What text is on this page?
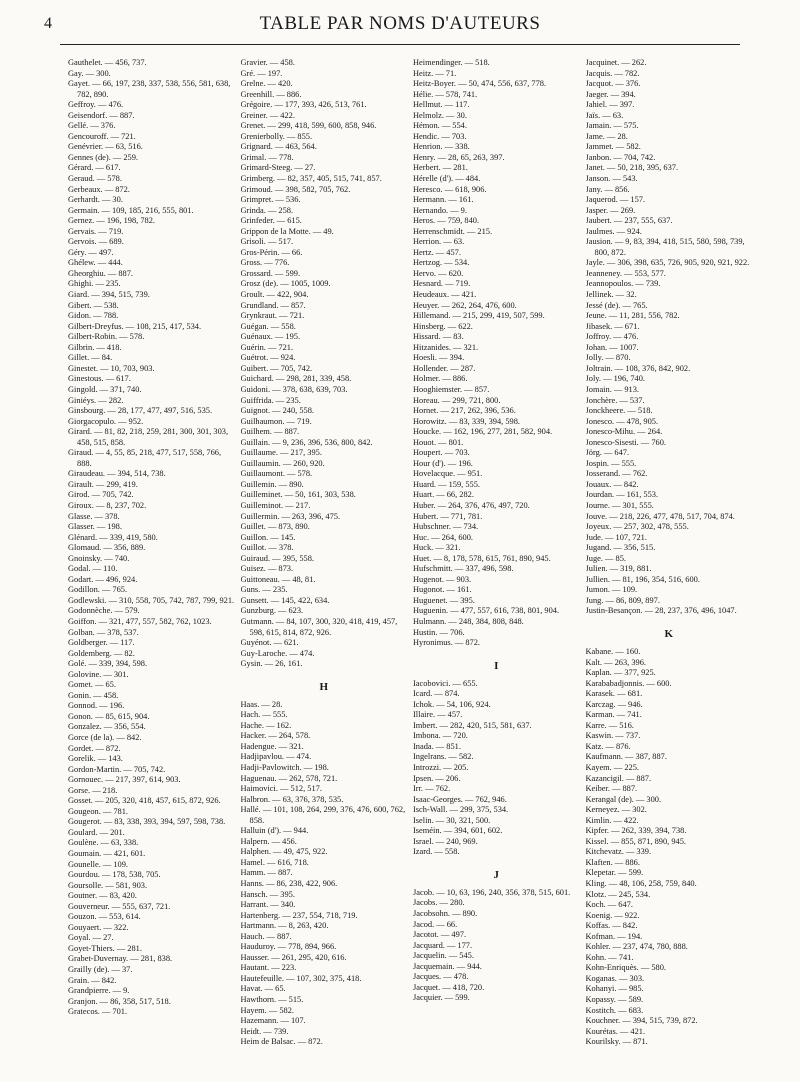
4	TABLE PAR NOMS D'AUTEURS
Gauthelet. — 456, 737.
Gay. — 300.
Gayet. — 66, 197, 238, 337, 538, 556, 581, 638, 782, 890.
Geffroy. — 476.
Geisendorf. — 887.
Gellé. — 376.
Gencouroff. — 721.
Genévrier. — 63, 516.
Gennes (de). — 259.
Gérard. — 617.
Geraud. — 578.
Gerbeaux. — 872.
Gerhardt. — 30.
Germain. — 109, 185, 216, 555, 801.
Gernez. — 196, 198, 782.
Gervais. — 719.
Gervois. — 689.
Géry. — 497.
Ghélew. — 444.
Gheorghiu. — 887.
Ghighi. — 235.
Giard. — 394, 515, 739.
Gibert. — 538.
Gidon. — 788.
Gilbert-Dreyfus. — 108, 215, 417, 534.
Gilbert-Robin. — 578.
Gilbrin. — 418.
Gillet. — 84.
Ginestet. — 10, 703, 903.
Ginestous. — 617.
Gingold. — 371, 740.
Giniéys. — 282.
Ginsbourg. — 28, 177, 477, 497, 516, 535.
Giorgacopulo. — 952.
Girard. — 81, 82, 218, 259, 281, 300, 301, 303, 458, 515, 858.
Giraud. — 4, 55, 85, 218, 477, 517, 558, 766, 888.
Giraudeau. — 394, 514, 738.
Girault. — 299, 419.
Girod. — 705, 742.
Giroux. — 8, 237, 702.
Glasse. — 378.
Glasser. — 198.
Glénard. — 339, 419, 580.
Glomaud. — 356, 889.
Gnoinsky. — 740.
Godal. — 110.
Godart. — 496, 924.
Godillon. — 765.
Godlewski. — 310, 558, 705, 742, 787, 799, 921.
Godonnèche. — 579.
Goiffon. — 321, 477, 557, 582, 762, 1023.
Golban. — 378, 537.
Goldberger. — 117.
Goldemberg. — 82.
Golé. — 339, 394, 598.
Golovine. — 301.
Gomet. — 65.
Gonin. — 458.
Gonnod. — 196.
Gonon. — 85, 615, 904.
Gonzalez. — 356, 554.
Gorce (de la). — 842.
Gordet. — 872.
Gorelik. — 143.
Gordon-Martin. — 705, 742.
Gornouec. — 217, 397, 614, 903.
Gorse. — 218.
Gosset. — 205, 320, 418, 457, 615, 872, 926.
Gougeon. — 781.
Gougerot. — 83, 338, 393, 394, 597, 598, 738.
Goulard. — 201.
Goulène. — 63, 338.
Goumain. — 421, 601.
Gounelle. — 109.
Gourdou. — 178, 538, 705.
Goursolle. — 581, 903.
Goutner. — 83, 420.
Gouverneur. — 555, 637, 721.
Gouzon. — 553, 614.
Gouyaert. — 322.
Goyal. — 27.
Goyet-Thiers. — 281.
Grabet-Duvernay. — 281, 838.
Grailly (de). — 37.
Grain. — 842.
Grandpierre. — 9.
Granjon. — 86, 358, 517, 518.
Gratecos. — 701.
Gravier. — 458.
Gré. — 197.
Grelne. — 420.
Greenhill. — 886.
Grégoire. — 177, 393, 426, 513, 761.
Greiner. — 422.
Grenet. — 299, 418, 599, 600, 858, 946.
Grenierbolly. — 855.
Grignard. — 463, 564.
Grimal. — 778.
Grimard-Steeg. — 27.
Grimberg. — 82, 357, 405, 515, 741, 857.
Grimoud. — 398, 582, 705, 762.
Grimpret. — 536.
Grinda. — 258.
Grinfeder. — 615.
Grippon de la Motte. — 49.
Grisoli. — 517.
Gros-Périn. — 66.
Gross. — 776.
Grossard. — 599.
Grosz (de). — 1005, 1009.
Groult. — 422, 904.
Grundland. — 857.
Grynkraut. — 721.
Guégan. — 558.
Guénaux. — 195.
Guérin. — 721.
Guétrot. — 924.
Guibert. — 705, 742.
Guichard. — 298, 281, 339, 458.
Guidoni. — 378, 638, 639, 703.
Guiffrida. — 235.
Guignot. — 240, 558.
Guilhaumon. — 719.
Guilhem. — 887.
Guillain. — 9, 236, 396, 536, 800, 842.
Guillaume. — 217, 395.
Guillaumin. — 260, 920.
Guillaumont. — 578.
Guillemin. — 890.
Guilleminet. — 50, 161, 303, 538.
Guilleminot. — 217.
Guillermin. — 263, 396, 475.
Guillet. — 873, 890.
Guillon. — 145.
Guillot. — 378.
Guiraud. — 395, 558.
Guisez. — 873.
Guittoneau. — 48, 81.
Guns. — 235.
Gunsett. — 145, 422, 634.
Gunzburg. — 623.
Gutmann. — 84, 107, 300, 320, 418, 419, 457, 598, 615, 814, 872, 926.
Guyénot. — 621.
Guy-Laroche. — 474.
Gysin. — 26, 161.
H
Haas. — 28.
Hach. — 555.
Hache. — 162.
Hacker. — 264, 578.
Hadengue. — 321.
Hadjipavlou. — 474.
Hadji-Pavlowitch. — 198.
Haguenau. — 262, 578, 721.
Haimovici. — 512, 517.
Halbron. — 63, 376, 378, 535.
Hallé. — 101, 108, 264, 299, 376, 476, 600, 762, 858.
Halluin (d'). — 944.
Halpern. — 456.
Halphen. — 49, 475, 922.
Hamel. — 616, 718.
Hamm. — 887.
Hanns. — 86, 238, 422, 906.
Hansch. — 395.
Harrant. — 340.
Hartenberg. — 237, 554, 718, 719.
Hartmann. — 8, 263, 420.
Hauch. — 887.
Hauduroy. — 778, 894, 966.
Hausser. — 261, 295, 420, 616.
Hautant. — 223.
Hautefeuille. — 107, 302, 375, 418.
Havat. — 65.
Hawthorn. — 515.
Hayem. — 582.
Hazemann. — 107.
Heidt. — 739.
Heim de Balsac. — 872.
Heimendinger. — 518.
Heitz. — 71.
Heitz-Boyer. — 50, 474, 556, 637, 778.
Hélie. — 578, 741.
Hellmut. — 117.
Helmolz. — 30.
Hémon. — 554.
Hendic. — 703.
Henrion. — 338.
Henry. — 28, 65, 263, 397.
Herbert. — 281.
Hérelle (d'). — 484.
Heresco. — 618, 906.
Hermann. — 161.
Hernando. — 9.
Heros. — 759, 840.
Herrenschmidt. — 215.
Herrion. — 63.
Hertz. — 457.
Hertzog. — 534.
Hervo. — 620.
Hesnard. — 719.
Heudeaux. — 421.
Heuyer. — 262, 264, 476, 600.
Hillemand. — 215, 299, 419, 507, 599.
Hinsberg. — 622.
Hissard. — 83.
Hitzanides. — 321.
Hoesli. — 394.
Hollender. — 287.
Holmer. — 886.
Hooghiemster. — 857.
Horeau. — 299, 721, 800.
Hornet. — 217, 262, 396, 536.
Horowitz. — 83, 339, 394, 598.
Houcke. — 162, 196, 277, 281, 582, 904.
Houot. — 801.
Houpert. — 703.
Hour (d'). — 196.
Hovelacque. — 951.
Huard. — 159, 555.
Huart. — 66, 282.
Huber. — 264, 376, 476, 497, 720.
Hubert. — 771, 781.
Hubschner. — 734.
Huc. — 264, 600.
Huck. — 321.
Huet. — 8, 178, 578, 615, 761, 890, 945.
Hufschmitt. — 337, 496, 598.
Hugenot. — 903.
Hugonot. — 161.
Huguenet. — 395.
Huguenin. — 477, 557, 616, 738, 801, 904.
Hulmann. — 248, 384, 808, 848.
Hustin. — 706.
Hyronimus. — 872.
I
Iacobovici. — 655.
Icard. — 874.
Ichok. — 54, 106, 924.
Illaire. — 457.
Imbert. — 282, 420, 515, 581, 637.
Imbona. — 720.
Inada. — 851.
Ingelrans. — 582.
Introzzi. — 205.
Ipsen. — 206.
Irr. — 762.
Isaac-Georges. — 762, 946.
Isch-Wall. — 299, 375, 534.
Iselin. — 30, 321, 500.
Iseméin. — 394, 601, 602.
Israel. — 240, 969.
Izard. — 558.
J
Jacob. — 10, 63, 196, 240, 356, 378, 515, 601.
Jacobs. — 280.
Jacobsohn. — 890.
Jacod. — 66.
Jacotot. — 497.
Jacquard. — 177.
Jacquelin. — 545.
Jacquemain. — 944.
Jacques. — 478.
Jacquet. — 418, 720.
Jacquier. — 599.
Jacquinet. — 262.
Jacquis. — 782.
Jacquot. — 376.
Jaeger. — 394.
Jahiel. — 397.
Jaïs. — 63.
Jamain. — 575.
Jame. — 28.
Jammet. — 582.
Janbon. — 704, 742.
Janet. — 50, 218, 395, 637.
Janson. — 543.
Jany. — 856.
Jaquerod. — 157.
Jasper. — 269.
Jaubert. — 237, 555, 637.
Jaulmes. — 924.
Jausion. — 9, 83, 394, 418, 515, 580, 598, 739, 800, 872.
Jayle. — 306, 398, 635, 726, 905, 920, 921, 922.
Jeanneney. — 553, 577.
Jeannopoulos. — 739.
Jellinek. — 32.
Jessé (de). — 765.
Jeune. — 11, 281, 556, 782.
Jibasek. — 671.
Joffroy. — 476.
Johan. — 1007.
Jolly. — 870.
Joltrain. — 108, 376, 842, 902.
Joly. — 196, 740.
Jomain. — 913.
Jonchère. — 537.
Jonckheere. — 518.
Jonesco. — 478, 905.
Jonesco-Mihu. — 264.
Jonesco-Sisesti. — 760.
Jörg. — 647.
Jospin. — 555.
Josserand. — 762.
Jouaux. — 842.
Jourdan. — 161, 553.
Journe. — 301, 555.
Jouve. — 218, 226, 477, 478, 517, 704, 874.
Joyeux. — 257, 302, 478, 555.
Jude. — 107, 721.
Jugand. — 356, 515.
Juge. — 85.
Julien. — 319, 881.
Jullien. — 81, 196, 354, 516, 600.
Jumon. — 109.
Jung. — 86, 809, 897.
Justin-Besançon. — 28, 237, 376, 496, 1047.
K
Kabane. — 160.
Kalt. — 263, 396.
Kaplan. — 377, 925.
Karababadjonnis. — 600.
Karasek. — 681.
Karczag. — 946.
Karman. — 741.
Karre. — 516.
Kaswin. — 737.
Katz. — 876.
Kaufmann. — 387, 887.
Kayem. — 225.
Kazancigil. — 887.
Keiber. — 887.
Kerangal (de). — 300.
Kerneyez. — 302.
Kimlin. — 422.
Kipfer. — 262, 339, 394, 738.
Kissel. — 855, 871, 890, 945.
Kitchevatz. — 339.
Klaften. — 886.
Klepetar. — 599.
Kling. — 48, 106, 258, 759, 840.
Klotz. — 245, 534.
Koch. — 647.
Koenig. — 922.
Koffas. — 842.
Kofman. — 194.
Kohler. — 237, 474, 780, 888.
Kohn. — 741.
Kohn-Enriquès. — 580.
Koganas. — 303.
Kohanyi. — 985.
Kopassy. — 589.
Kostitch. — 683.
Kouchner. — 394, 515, 739, 872.
Kourétas. — 421.
Kourilsky. — 871.
